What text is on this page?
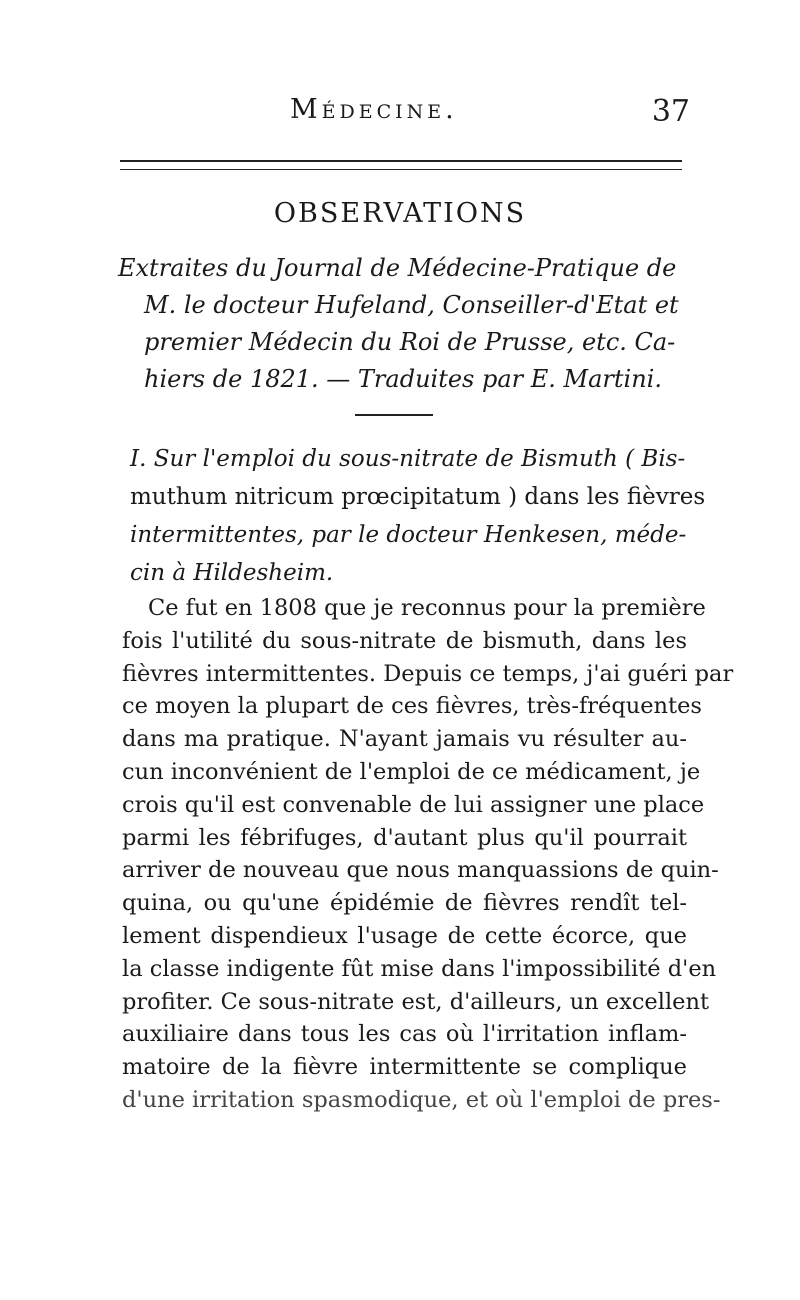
Médecine.	37
OBSERVATIONS
Extraites du Journal de Médecine-Pratique de
M. le docteur Hufeland, Conseiller-d'Etat et
premier Médecin du Roi de Prusse, etc. Ca-
hiers de 1821. — Traduites par E. Martini.
I. Sur l'emploi du sous-nitrate de Bismuth ( Bis-
muthum nitricum prœcipitatum ) dans les fièvres
intermittentes, par le docteur Henkesen, méde-
cin à Hildesheim.
Ce fut en 1808 que je reconnus pour la première
fois l'utilité du sous-nitrate de bismuth, dans les
fièvres intermittentes. Depuis ce temps, j'ai guéri par
ce moyen la plupart de ces fièvres, très-fréquentes
dans ma pratique. N'ayant jamais vu résulter au-
cun inconvénient de l'emploi de ce médicament, je
crois qu'il est convenable de lui assigner une place
parmi les fébrifuges, d'autant plus qu'il pourrait
arriver de nouveau que nous manquassions de quin-
quina, ou qu'une épidémie de fièvres rendît tel-
lement dispendieux l'usage de cette écorce, que
la classe indigente fût mise dans l'impossibilité d'en
profiter. Ce sous-nitrate est, d'ailleurs, un excellent
auxiliaire dans tous les cas où l'irritation inflam-
matoire de la fièvre intermittente se complique
d'une irritation spasmodique, et où l'emploi de pres-
